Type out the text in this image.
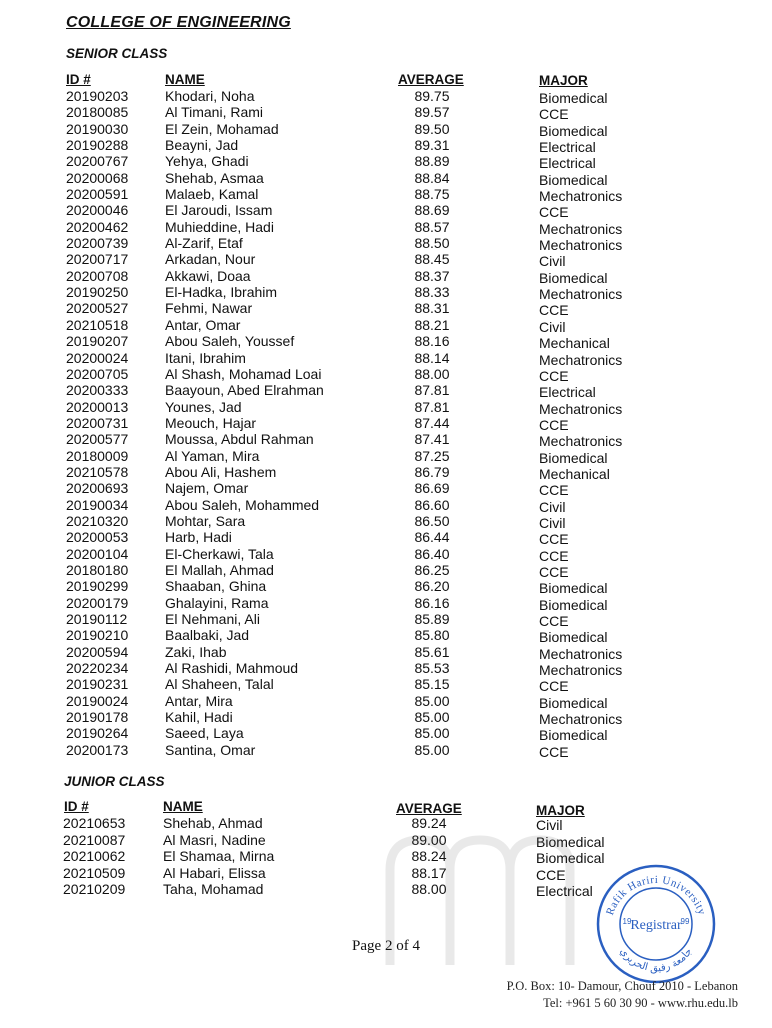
COLLEGE OF ENGINEERING
SENIOR CLASS
ID #	NAME	AVERAGE	MAJOR
20190203	Khodari, Noha	89.75	Biomedical
20180085	Al Timani, Rami	89.57	CCE
20190030	El Zein, Mohamad	89.50	Biomedical
20190288	Beayni, Jad	89.31	Electrical
20200767	Yehya, Ghadi	88.89	Electrical
20200068	Shehab, Asmaa	88.84	Biomedical
20200591	Malaeb, Kamal	88.75	Mechatronics
20200046	El Jaroudi, Issam	88.69	CCE
20200462	Muhieddine, Hadi	88.57	Mechatronics
20200739	Al-Zarif, Etaf	88.50	Mechatronics
20200717	Arkadan, Nour	88.45	Civil
20200708	Akkawi, Doaa	88.37	Biomedical
20190250	El-Hadka, Ibrahim	88.33	Mechatronics
20200527	Fehmi, Nawar	88.31	CCE
20210518	Antar, Omar	88.21	Civil
20190207	Abou Saleh, Youssef	88.16	Mechanical
20200024	Itani, Ibrahim	88.14	Mechatronics
20200705	Al Shash, Mohamad Loai	88.00	CCE
20200333	Baayoun, Abed Elrahman	87.81	Electrical
20200013	Younes, Jad	87.81	Mechatronics
20200731	Meouch, Hajar	87.44	CCE
20200577	Moussa, Abdul Rahman	87.41	Mechatronics
20180009	Al Yaman, Mira	87.25	Biomedical
20210578	Abou Ali, Hashem	86.79	Mechanical
20200693	Najem, Omar	86.69	CCE
20190034	Abou Saleh, Mohammed	86.60	Civil
20210320	Mohtar, Sara	86.50	Civil
20200053	Harb, Hadi	86.44	CCE
20200104	El-Cherkawi, Tala	86.40	CCE
20180180	El Mallah, Ahmad	86.25	CCE
20190299	Shaaban, Ghina	86.20	Biomedical
20200179	Ghalayini, Rama	86.16	Biomedical
20190112	El Nehmani, Ali	85.89	CCE
20190210	Baalbaki, Jad	85.80	Biomedical
20200594	Zaki, Ihab	85.61	Mechatronics
20220234	Al Rashidi, Mahmoud	85.53	Mechatronics
20190231	Al Shaheen, Talal	85.15	CCE
20190024	Antar, Mira	85.00	Biomedical
20190178	Kahil, Hadi	85.00	Mechatronics
20190264	Saeed, Laya	85.00	Biomedical
20200173	Santina, Omar	85.00	CCE
JUNIOR CLASS
ID #	NAME	AVERAGE	MAJOR
20210653	Shehab, Ahmad	89.24	Civil
20210087	Al Masri, Nadine	89.00	Biomedical
20210062	El Shamaa, Mirna	88.24	Biomedical
20210509	Al Habari, Elissa	88.17	CCE
20210209	Taha, Mohamad	88.00	Electrical
Rafik Hariri University
جامعة رفيق الحريري
Registrar
19	99
Page 2 of 4
P.O. Box: 10- Damour, Chouf 2010 - Lebanon
Tel: +961 5 60 30 90 - www.rhu.edu.lb
